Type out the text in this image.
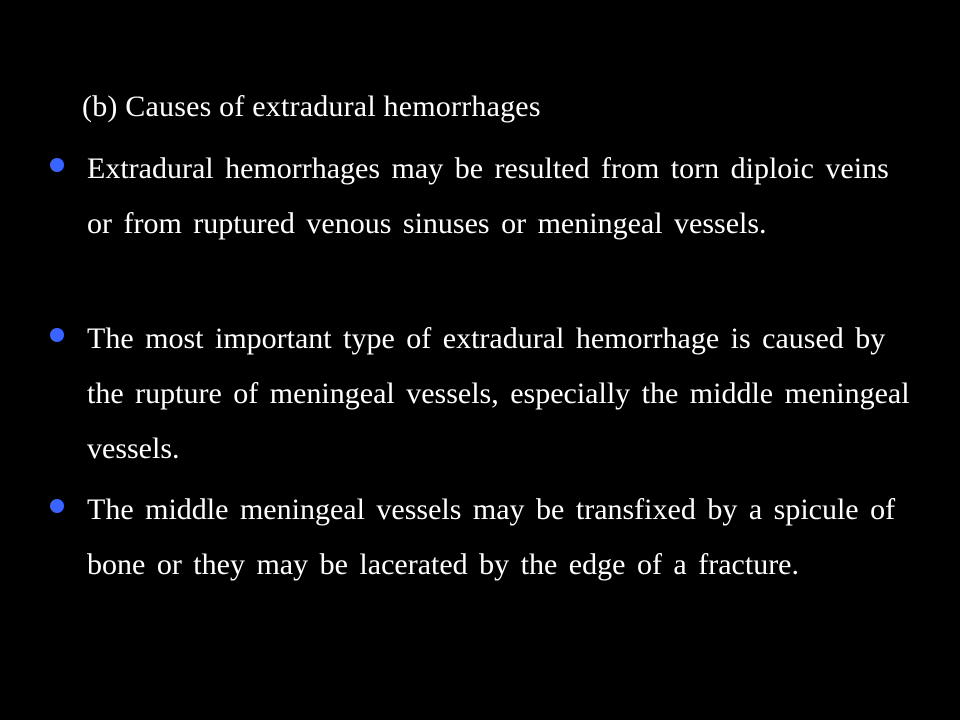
(b) Causes of extradural hemorrhages
Extradural hemorrhages may be resulted from torn diploic veins or from ruptured venous sinuses or meningeal vessels.
The most important type of extradural hemorrhage is caused by the rupture of meningeal vessels, especially the middle meningeal vessels.
The middle meningeal vessels may be transfixed by a spicule of bone or they may be lacerated by the edge of a fracture.
